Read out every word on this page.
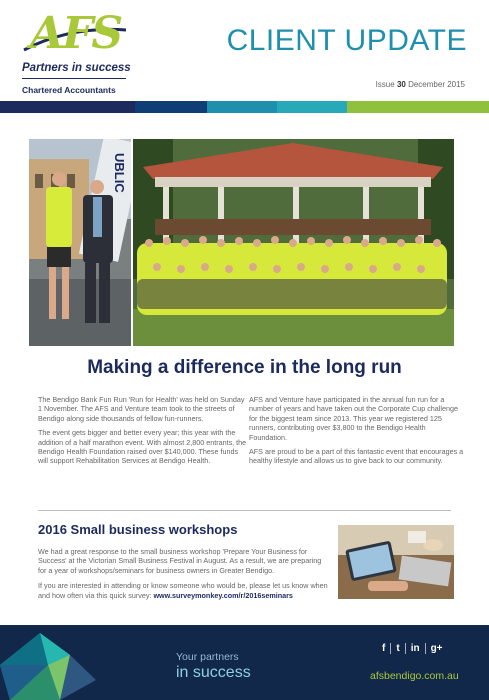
AFS
Partners in success
Chartered Accountants
CLIENT UPDATE
Issue 30 December 2015
UBLIC
Making a difference in the long run

The Bendigo Bank Fun Run 'Run for Health' was held on Sunday 1 November. The AFS and Venture team took to the streets of Bendigo along side thousands of fellow fun-runners.

The event gets bigger and better every year; this year with the addition of a half marathon event. With almost 2,800 entrants, the Bendigo Health Foundation raised over $140,000. These funds will support Rehabilitation Services at Bendigo Health.

AFS and Venture have participated in the annual fun run for a number of years and have taken out the Corporate Cup challenge for the biggest team since 2013. This year we registered 125 runners, contributing over $3,800 to the Bendigo Health Foundation.

AFS are proud to be a part of this fantastic event that encourages a healthy lifestyle and allows us to give back to our community.

2016 Small business workshops

We had a great response to the small business workshop 'Prepare Your Business for Success' at the Victorian Small Business Festival in August. As a result, we are preparing for a year of workshops/seminars for business owners in Greater Bendigo.

If you are interested in attending or know someone who would be, please let us know when and how often via this quick survey: www.surveymonkey.com/r/2016seminars

Your partners
in success
f t in g+
afsbendigo.com.au
